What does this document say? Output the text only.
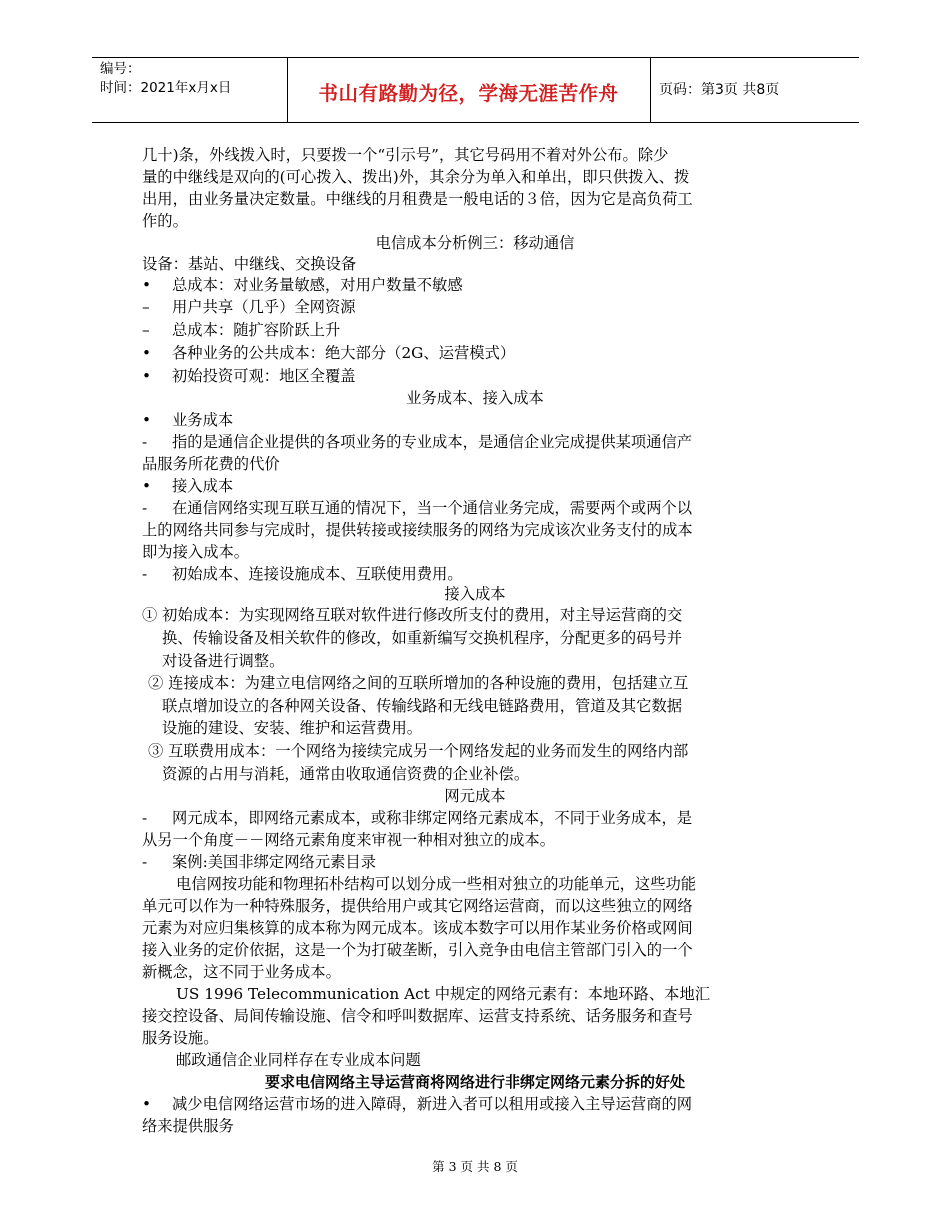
编号：
时间：2021年x月x日	书山有路勤为径，学海无涯苦作舟	页码：第3页 共8页
几十)条，外线拨入时，只要拨一个“引示号”，其它号码用不着对外公布。除少
量的中继线是双向的(可心拨入、拨出)外，其余分为单入和单出，即只供拨入、拨
出用，由业务量决定数量。中继线的月租费是一般电话的３倍，因为它是高负荷工
作的。
电信成本分析例三：移动通信
设备：基站、中继线、交换设备
• 总成本：对业务量敏感，对用户数量不敏感
– 用户共享（几乎）全网资源
– 总成本：随扩容阶跃上升
• 各种业务的公共成本：绝大部分（2G、运营模式）
• 初始投资可观：地区全覆盖
业务成本、接入成本
• 业务成本
- 指的是通信企业提供的各项业务的专业成本，是通信企业完成提供某项通信产
品服务所花费的代价
• 接入成本
- 在通信网络实现互联互通的情况下，当一个通信业务完成，需要两个或两个以
上的网络共同参与完成时，提供转接或接续服务的网络为完成该次业务支付的成本
即为接入成本。
- 初始成本、连接设施成本、互联使用费用。
接入成本
① 初始成本：为实现网络互联对软件进行修改所支付的费用，对主导运营商的交
换、传输设备及相关软件的修改，如重新编写交换机程序，分配更多的码号并
对设备进行调整。
② 连接成本：为建立电信网络之间的互联所增加的各种设施的费用，包括建立互
联点增加设立的各种网关设备、传输线路和无线电链路费用，管道及其它数据
设施的建设、安装、维护和运营费用。
③ 互联费用成本：一个网络为接续完成另一个网络发起的业务而发生的网络内部
资源的占用与消耗，通常由收取通信资费的企业补偿。
网元成本
- 网元成本，即网络元素成本，或称非绑定网络元素成本，不同于业务成本，是
从另一个角度－－网络元素角度来审视一种相对独立的成本。
- 案例:美国非绑定网络元素目录
电信网按功能和物理拓朴结构可以划分成一些相对独立的功能单元，这些功能
单元可以作为一种特殊服务，提供给用户或其它网络运营商，而以这些独立的网络
元素为对应归集核算的成本称为网元成本。该成本数字可以用作某业务价格或网间
接入业务的定价依据，这是一个为打破垄断，引入竞争由电信主管部门引入的一个
新概念，这不同于业务成本。
US 1996 Telecommunication Act 中规定的网络元素有：本地环路、本地汇
接交控设备、局间传输设施、信令和呼叫数据库、运营支持系统、话务服务和查号
服务设施。
邮政通信企业同样存在专业成本问题
要求电信网络主导运营商将网络进行非绑定网络元素分拆的好处
• 减少电信网络运营市场的进入障碍，新进入者可以租用或接入主导运营商的网
络来提供服务
第 3 页 共 8 页
